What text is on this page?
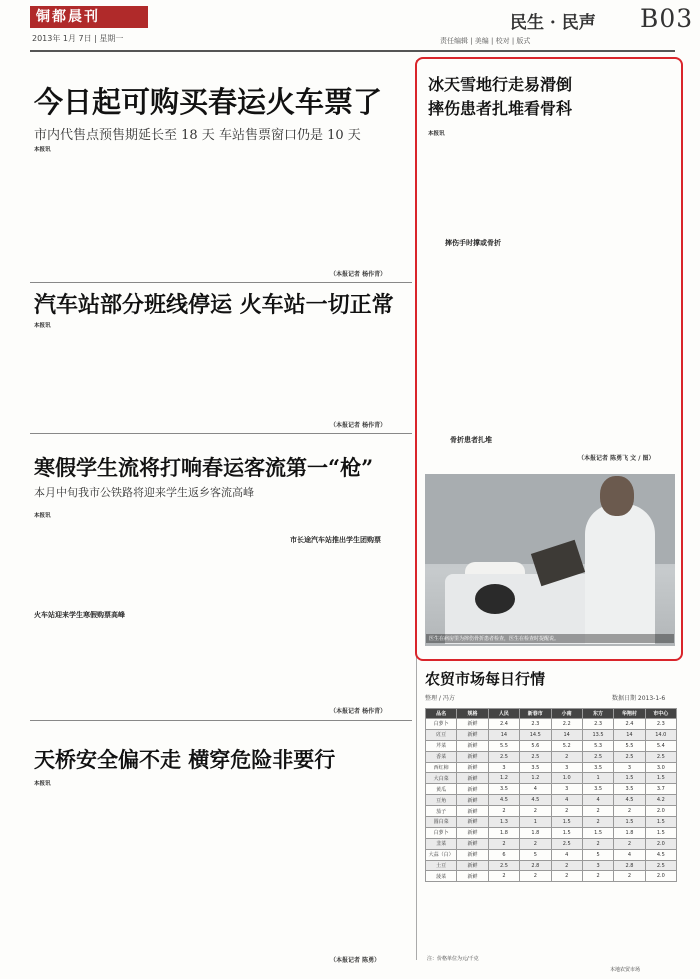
铜都晨刊
2013年 1月 7日 | 星期一
民生 · 民声 B03
责任编辑 | 美编 | 校对 | 版式
今日起可购买春运火车票了
市内代售点预售期延长至 18 天 车站售票窗口仍是 10 天
本报讯
（本报记者 杨作青）
汽车站部分班线停运 火车站一切正常
本报讯
（本报记者 杨作青）
寒假学生流将打响春运客流第一“枪”
本月中旬我市公铁路将迎来学生返乡客流高峰
本报讯
火车站迎来学生寒假购票高峰
市长途汽车站推出学生团购票
（本报记者 杨作青）
天桥安全偏不走 横穿危险非要行
本报讯
（本报记者 陈勇）
冰天雪地行走易滑倒
摔伤患者扎堆看骨科
本报讯
摔伤手时撑或骨折
骨折患者扎堆
（本报记者 陈勇飞 文 / 图）
医生在病房里为摔伤骨折患者检查，医生在检查时提醒说。
农贸市场每日行情
整理 / 冯方	数据日期 2013-1-6
品名	规格	人民	新春市	小南	东方	华翔村	市中心
白萝卜	新鲜	2.4	2.3	2.2	2.3	2.4	2.3
豇豆	新鲜	14	14.5	14	13.5	14	14.0
芹菜	新鲜	5.5	5.6	5.2	5.3	5.5	5.4
香菜	新鲜	2.5	2.5	2	2.5	2.5	2.5
西红柿	新鲜	3	3.5	3	3.5	3	3.0
大白菜	新鲜	1.2	1.2	1.0	1	1.5	1.5
黄瓜	新鲜	3.5	4	3	3.5	3.5	3.7
豆角	新鲜	4.5	4.5	4	4	4.5	4.2
茄子	新鲜	2	2	2	2	2	2.0
圆白菜	新鲜	1.3	1	1.5	2	1.5	1.5
白萝卜	新鲜	1.8	1.8	1.5	1.5	1.8	1.5
韭菜	新鲜	2	2	2.5	2	2	2.0
大蒜（白）	新鲜	6	5	4	5	4	4.5
土豆	新鲜	2.5	2.8	2	3	2.8	2.5
菠菜	新鲜	2	2	2	2	2	2.0
注：价格单位为元/千克
本地农贸市场
